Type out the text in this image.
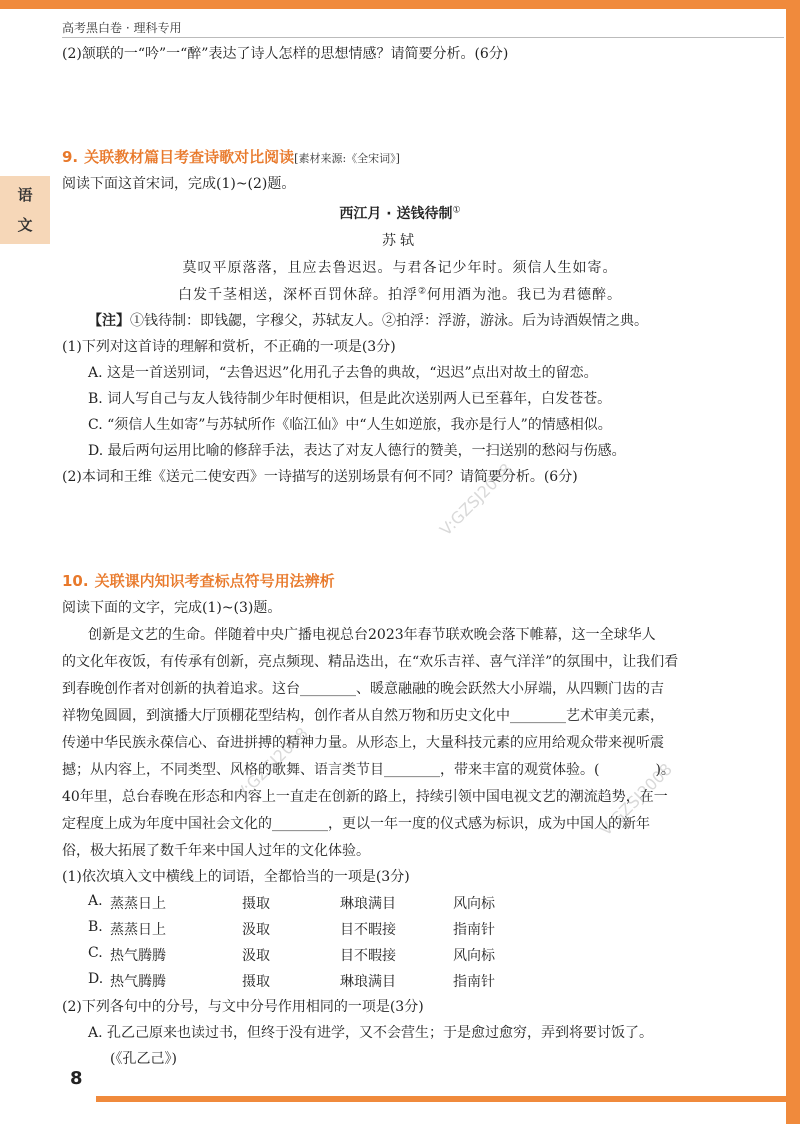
高考黑白卷 · 理科专用
语
文
(2)颔联的一“吟”一“醉”表达了诗人怎样的思想情感？请简要分析。(6分)
9. 关联教材篇目考查诗歌对比阅读[素材来源:《全宋词》]
阅读下面这首宋词，完成(1)~(2)题。
西江月 · 送钱待制①
苏轼
莫叹平原落落，且应去鲁迟迟。与君各记少年时。须信人生如寄。
白发千茎相送，深杯百罚休辞。拍浮②何用酒为池。我已为君德醉。
【注】①钱待制：即钱勰，字穆父，苏轼友人。②拍浮：浮游，游泳。后为诗酒娱情之典。
(1)下列对这首诗的理解和赏析，不正确的一项是(3分)
A. 这是一首送别词，“去鲁迟迟”化用孔子去鲁的典故，“迟迟”点出对故土的留恋。
B. 词人写自己与友人钱待制少年时便相识，但是此次送别两人已至暮年，白发苍苍。
C. “须信人生如寄”与苏轼所作《临江仙》中“人生如逆旅，我亦是行人”的情感相似。
D. 最后两句运用比喻的修辞手法，表达了对友人德行的赞美，一扫送别的愁闷与伤感。
(2)本词和王维《送元二使安西》一诗描写的送别场景有何不同？请简要分析。(6分)
10. 关联课内知识考查标点符号用法辨析
阅读下面的文字，完成(1)~(3)题。
创新是文艺的生命。伴随着中央广播电视总台2023年春节联欢晚会落下帷幕，这一全球华人
的文化年夜饭，有传承有创新，亮点频现、精品迭出，在“欢乐吉祥、喜气洋洋”的氛围中，让我们看
到春晚创作者对创新的执着追求。这台________、暖意融融的晚会跃然大小屏端，从四颗门齿的吉
祥物兔圆圆，到演播大厅顶棚花型结构，创作者从自然万物和历史文化中________艺术审美元素，
传递中华民族永葆信心、奋进拼搏的精神力量。从形态上，大量科技元素的应用给观众带来视听震
撼；从内容上，不同类型、风格的歌舞、语言类节目________，带来丰富的观赏体验。(　　　　)。
40年里，总台春晚在形态和内容上一直走在创新的路上，持续引领中国电视文艺的潮流趋势，在一
定程度上成为年度中国社会文化的________，更以一年一度的仪式感为标识，成为中国人的新年
俗，极大拓展了数千年来中国人过年的文化体验。
(1)依次填入文中横线上的词语，全都恰当的一项是(3分)
A. 蒸蒸日上	摄取	琳琅满目	风向标
B. 蒸蒸日上	汲取	目不暇接	指南针
C. 热气腾腾	汲取	目不暇接	风向标
D. 热气腾腾	摄取	琳琅满目	指南针
(2)下列各句中的分号，与文中分号作用相同的一项是(3分)
A. 孔乙己原来也读过书，但终于没有进学，又不会营生；于是愈过愈穷，弄到将要讨饭了。
(《孔乙己》)
8
V:GZSJ2008
V:GZSJ2008	V:GZSJ2008
